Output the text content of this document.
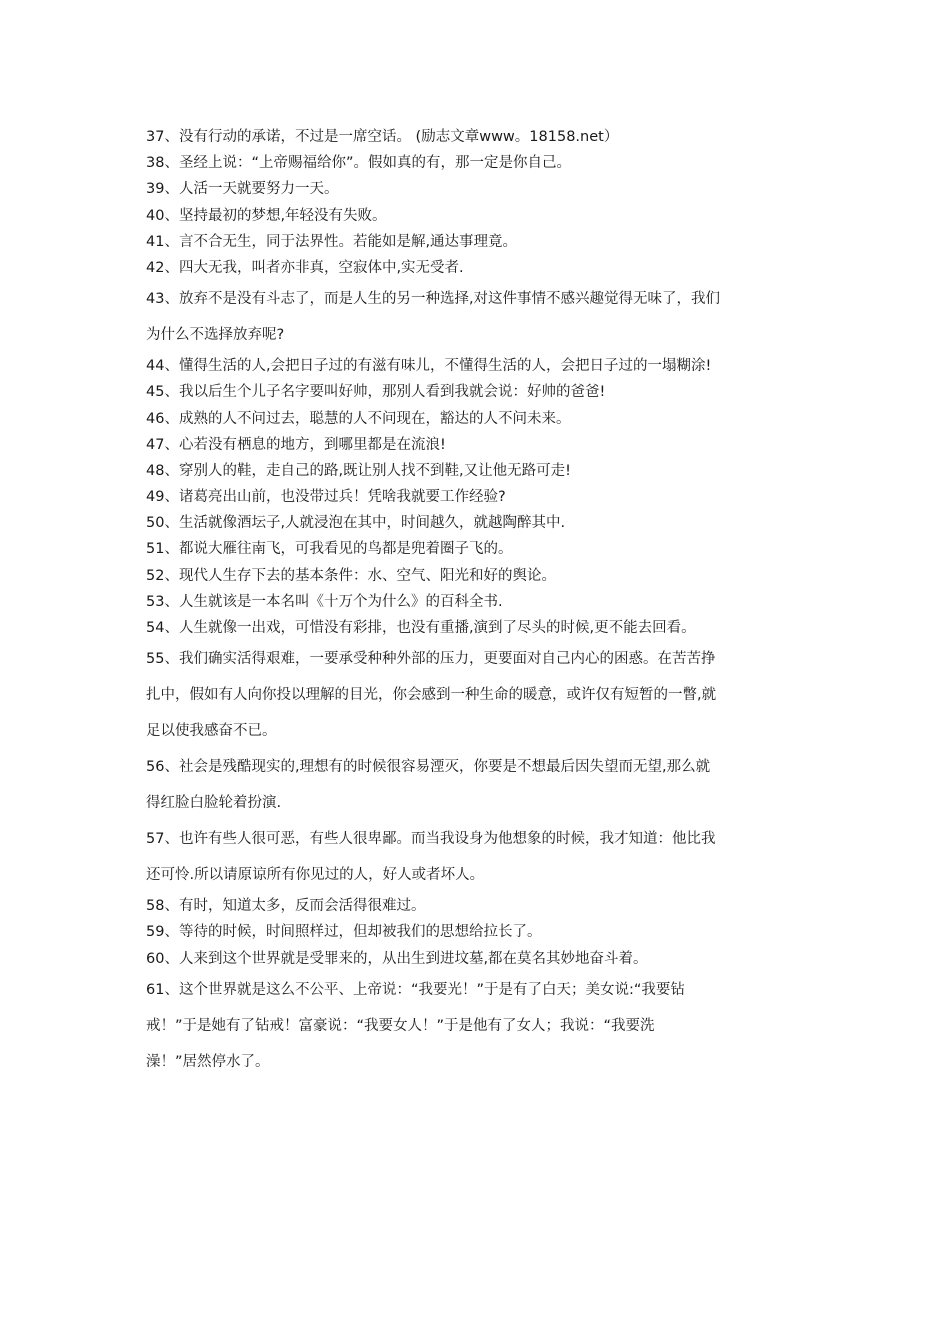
37、没有行动的承诺，不过是一席空话。 (励志文章www。18158.net）
38、圣经上说：“上帝赐福给你”。假如真的有，那一定是你自己。
39、人活一天就要努力一天。
40、坚持最初的梦想,年轻没有失败。
41、言不合无生，同于法界性。若能如是解,通达事理竟。
42、四大无我，叫者亦非真，空寂体中,实无受者.
43、放弃不是没有斗志了，而是人生的另一种选择,对这件事情不感兴趣觉得无味了，我们
为什么不选择放弃呢?
44、懂得生活的人,会把日子过的有滋有味儿，不懂得生活的人，会把日子过的一塌糊涂!
45、我以后生个儿子名字要叫好帅，那别人看到我就会说：好帅的爸爸!
46、成熟的人不问过去，聪慧的人不问现在，豁达的人不问未来。
47、心若没有栖息的地方，到哪里都是在流浪!
48、穿别人的鞋，走自己的路,既让别人找不到鞋,又让他无路可走!
49、诸葛亮出山前，也没带过兵！凭啥我就要工作经验?
50、生活就像酒坛子,人就浸泡在其中，时间越久，就越陶醉其中.
51、都说大雁往南飞，可我看见的鸟都是兜着圈子飞的。
52、现代人生存下去的基本条件：水、空气、阳光和好的舆论。
53、人生就该是一本名叫《十万个为什么》的百科全书.
54、人生就像一出戏，可惜没有彩排，也没有重播,演到了尽头的时候,更不能去回看。
55、我们确实活得艰难，一要承受种种外部的压力，更要面对自己内心的困惑。在苦苦挣
扎中，假如有人向你投以理解的目光，你会感到一种生命的暖意，或许仅有短暂的一瞥,就
足以使我感奋不已。
56、社会是残酷现实的,理想有的时候很容易湮灭，你要是不想最后因失望而无望,那么就
得红脸白脸轮着扮演.
57、也许有些人很可恶，有些人很卑鄙。而当我设身为他想象的时候，我才知道：他比我
还可怜.所以请原谅所有你见过的人，好人或者坏人。
58、有时，知道太多，反而会活得很难过。
59、等待的时候，时间照样过，但却被我们的思想给拉长了。
60、人来到这个世界就是受罪来的，从出生到进坟墓,都在莫名其妙地奋斗着。
61、这个世界就是这么不公平、上帝说：“我要光！”于是有了白天；美女说:“我要钻
戒！”于是她有了钻戒！富豪说：“我要女人！”于是他有了女人；我说：“我要洗
澡！”居然停水了。
